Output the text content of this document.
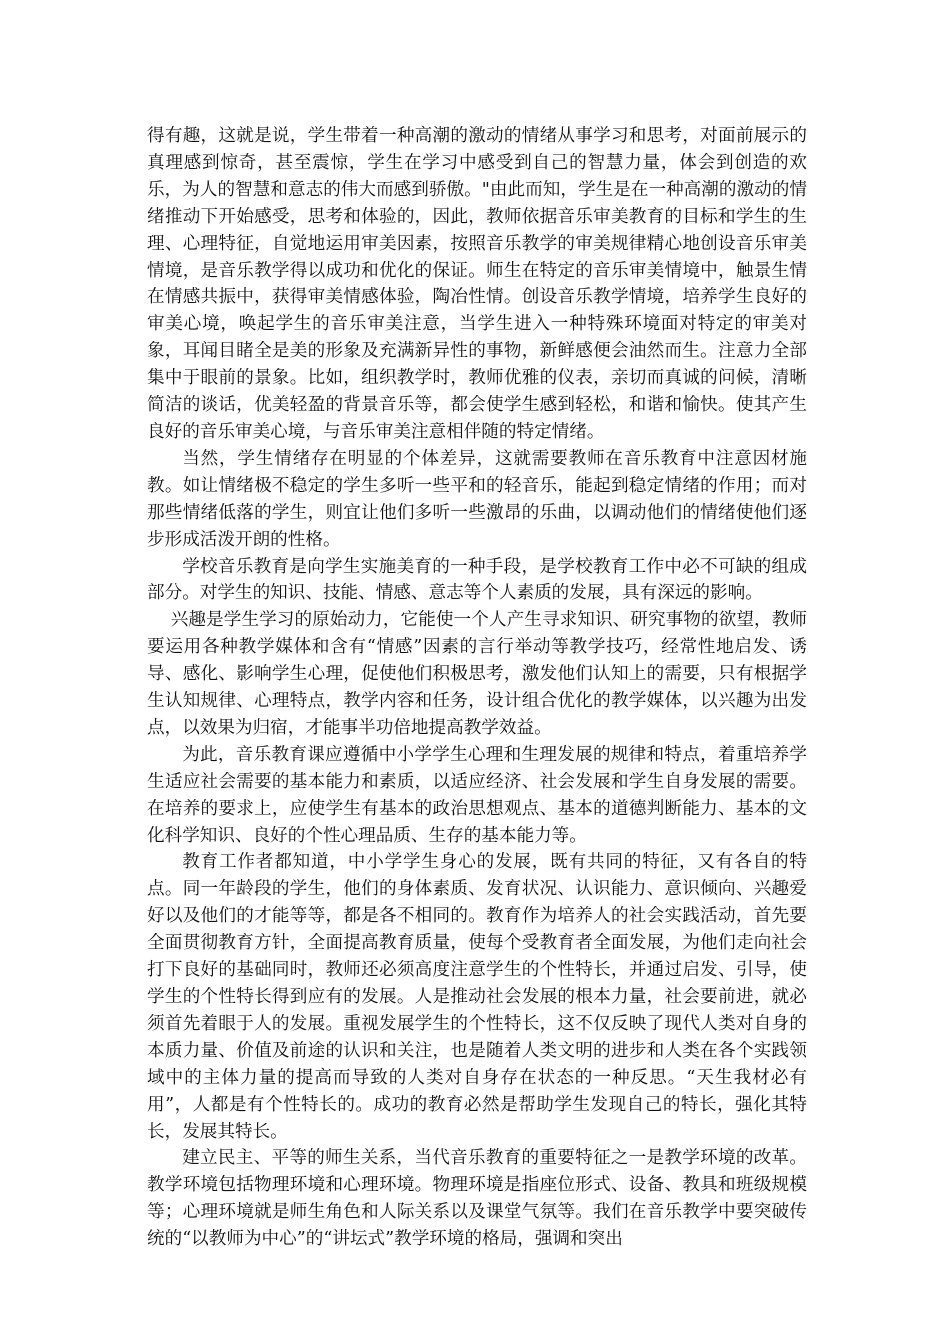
得有趣，这就是说，学生带着一种高潮的激动的情绪从事学习和思考，对面前展示的真理感到惊奇，甚至震惊，学生在学习中感受到自己的智慧力量，体会到创造的欢乐，为人的智慧和意志的伟大而感到骄傲。"由此而知，学生是在一种高潮的激动的情绪推动下开始感受，思考和体验的，因此，教师依据音乐审美教育的目标和学生的生理、心理特征，自觉地运用审美因素，按照音乐教学的审美规律精心地创设音乐审美情境，是音乐教学得以成功和优化的保证。师生在特定的音乐审美情境中，触景生情在情感共振中，获得审美情感体验，陶冶性情。创设音乐教学情境，培养学生良好的审美心境，唤起学生的音乐审美注意，当学生进入一种特殊环境面对特定的审美对象，耳闻目睹全是美的形象及充满新异性的事物，新鲜感便会油然而生。注意力全部集中于眼前的景象。比如，组织教学时，教师优雅的仪表，亲切而真诚的问候，清晰简洁的谈话，优美轻盈的背景音乐等，都会使学生感到轻松，和谐和愉快。使其产生良好的音乐审美心境，与音乐审美注意相伴随的特定情绪。

当然，学生情绪存在明显的个体差异，这就需要教师在音乐教育中注意因材施教。如让情绪极不稳定的学生多听一些平和的轻音乐，能起到稳定情绪的作用；而对那些情绪低落的学生，则宜让他们多听一些激昂的乐曲，以调动他们的情绪使他们逐步形成活泼开朗的性格。

学校音乐教育是向学生实施美育的一种手段，是学校教育工作中必不可缺的组成部分。对学生的知识、技能、情感、意志等个人素质的发展，具有深远的影响。

兴趣是学生学习的原始动力，它能使一个人产生寻求知识、研究事物的欲望，教师要运用各种教学媒体和含有“情感”因素的言行举动等教学技巧，经常性地启发、诱导、感化、影响学生心理，促使他们积极思考，激发他们认知上的需要，只有根据学生认知规律、心理特点，教学内容和任务，设计组合优化的教学媒体，以兴趣为出发点，以效果为归宿，才能事半功倍地提高教学效益。

为此，音乐教育课应遵循中小学学生心理和生理发展的规律和特点，着重培养学生适应社会需要的基本能力和素质，以适应经济、社会发展和学生自身发展的需要。在培养的要求上，应使学生有基本的政治思想观点、基本的道德判断能力、基本的文化科学知识、良好的个性心理品质、生存的基本能力等。

教育工作者都知道，中小学学生身心的发展，既有共同的特征，又有各自的特点。同一年龄段的学生，他们的身体素质、发育状况、认识能力、意识倾向、兴趣爱好以及他们的才能等等，都是各不相同的。教育作为培养人的社会实践活动，首先要全面贯彻教育方针，全面提高教育质量，使每个受教育者全面发展，为他们走向社会打下良好的基础同时，教师还必须高度注意学生的个性特长，并通过启发、引导，使学生的个性特长得到应有的发展。人是推动社会发展的根本力量，社会要前进，就必须首先着眼于人的发展。重视发展学生的个性特长，这不仅反映了现代人类对自身的本质力量、价值及前途的认识和关注，也是随着人类文明的进步和人类在各个实践领域中的主体力量的提高而导致的人类对自身存在状态的一种反思。“天生我材必有用”，人都是有个性特长的。成功的教育必然是帮助学生发现自己的特长，强化其特长，发展其特长。

建立民主、平等的师生关系，当代音乐教育的重要特征之一是教学环境的改革。教学环境包括物理环境和心理环境。物理环境是指座位形式、设备、教具和班级规模等；心理环境就是师生角色和人际关系以及课堂气氛等。我们在音乐教学中要突破传统的“以教师为中心”的“讲坛式”教学环境的格局，强调和突出
